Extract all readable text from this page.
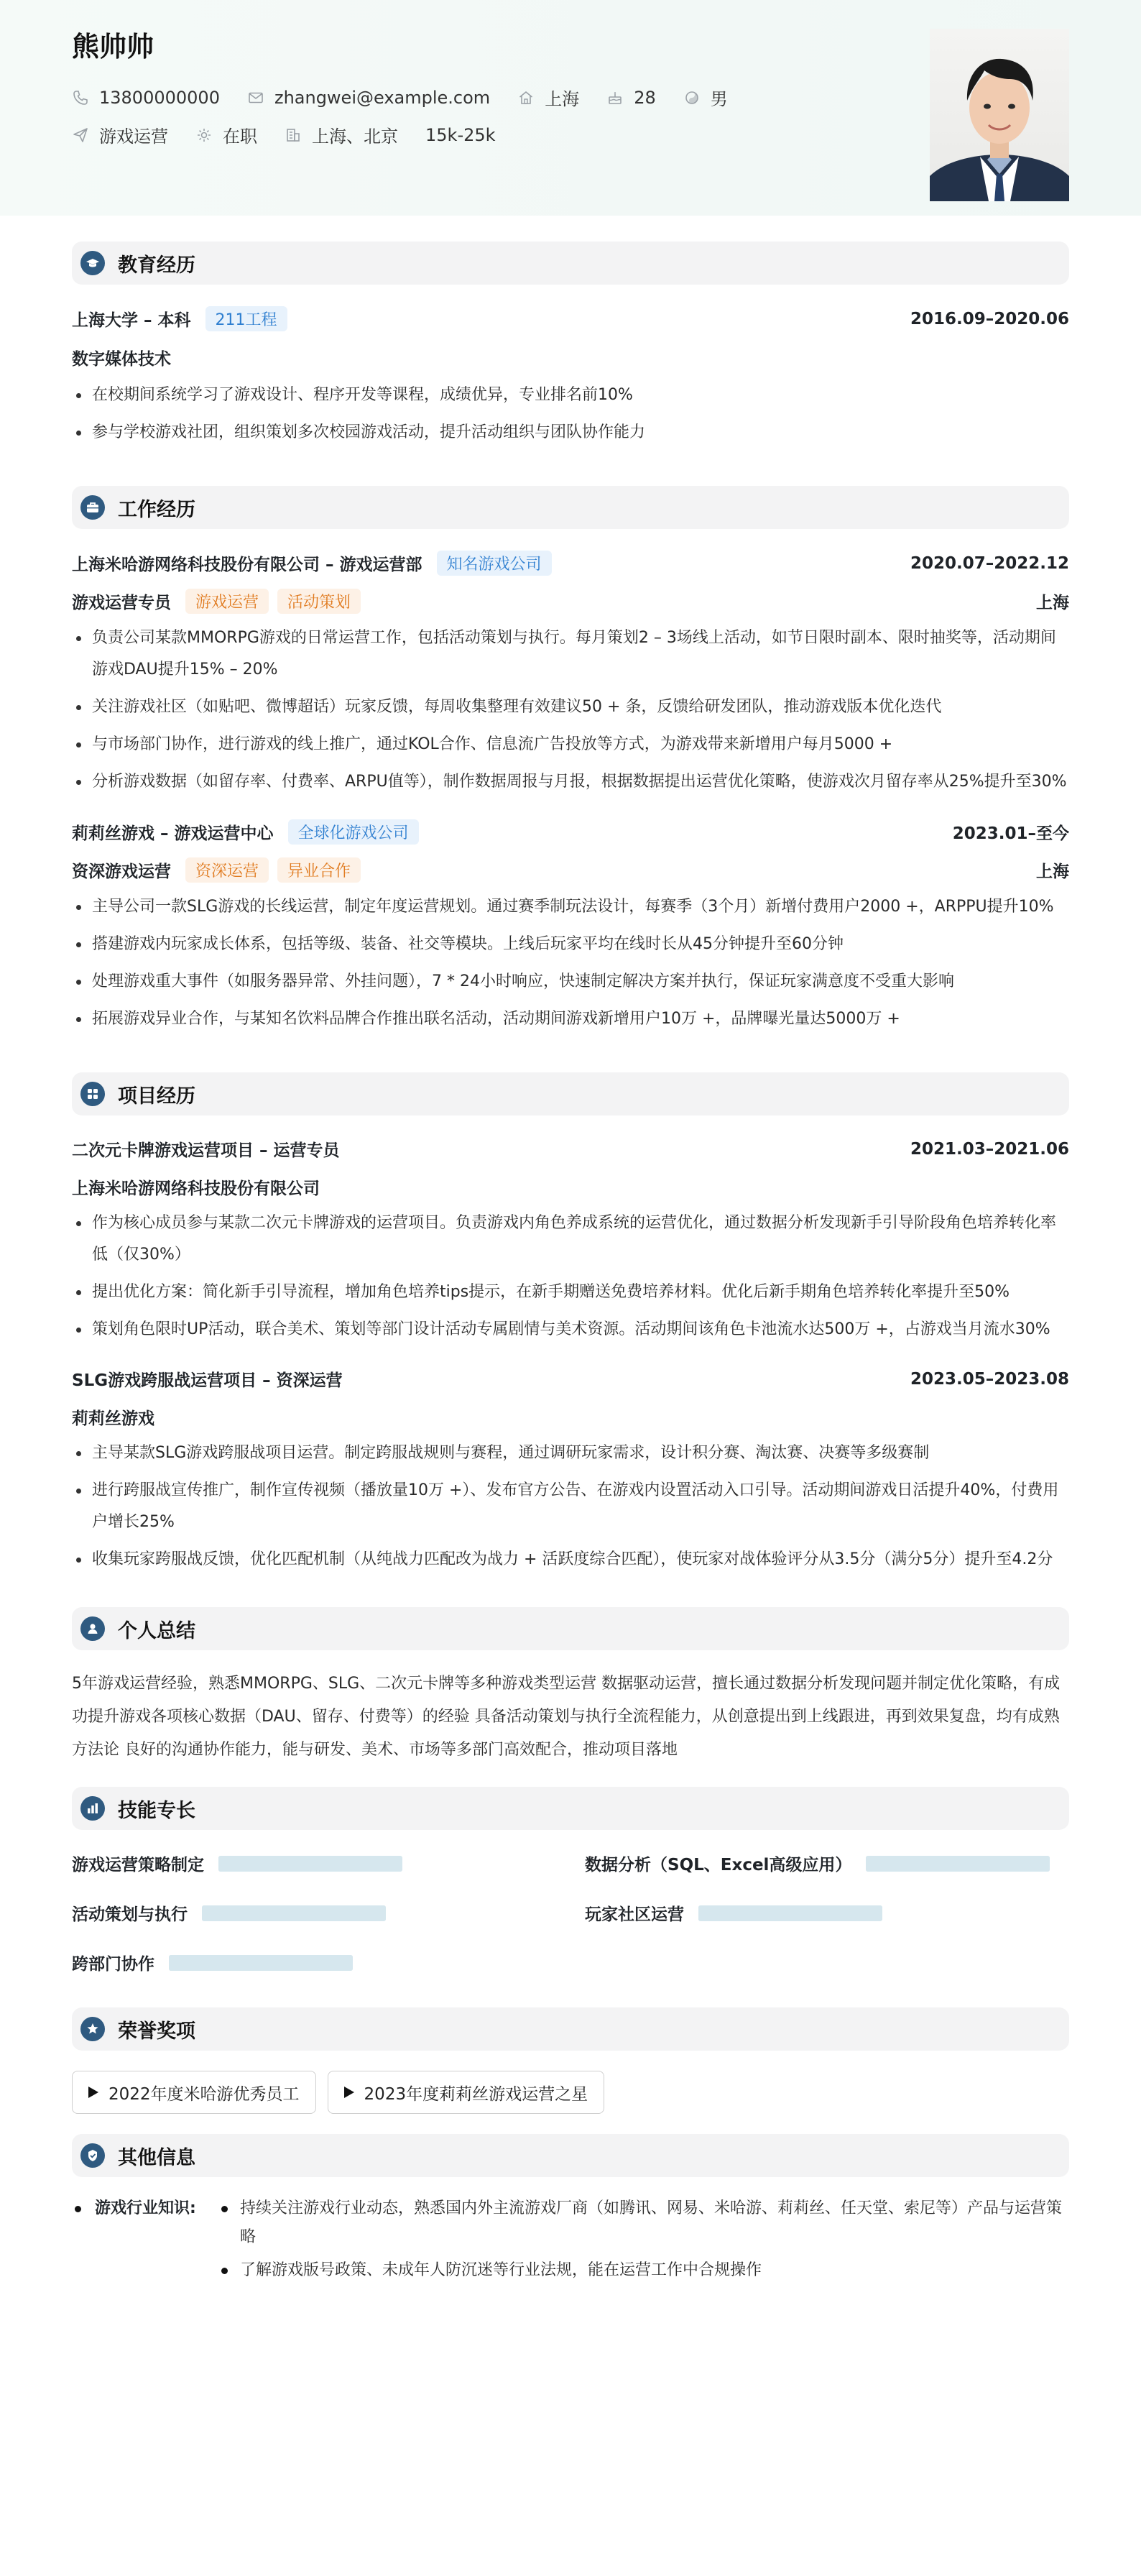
熊帅帅
13800000000	zhangwei@example.com	上海	28	男
游戏运营	在职	上海、北京 15k-25k
教育经历
上海大学 – 本科	211工程	2016.09–2020.06
数字媒体技术
在校期间系统学习了游戏设计、程序开发等课程，成绩优异，专业排名前10%
参与学校游戏社团，组织策划多次校园游戏活动，提升活动组织与团队协作能力
工作经历
上海米哈游网络科技股份有限公司 – 游戏运营部	知名游戏公司	2020.07–2022.12
游戏运营专员	游戏运营	活动策划	上海
负责公司某款MMORPG游戏的日常运营工作，包括活动策划与执行。每月策划2 – 3场线上活动，如节日限时副本、限时抽奖等，活动期间游戏DAU提升15% – 20%
关注游戏社区（如贴吧、微博超话）玩家反馈，每周收集整理有效建议50 + 条，反馈给研发团队，推动游戏版本优化迭代
与市场部门协作，进行游戏的线上推广，通过KOL合作、信息流广告投放等方式，为游戏带来新增用户每月5000 +
分析游戏数据（如留存率、付费率、ARPU值等），制作数据周报与月报，根据数据提出运营优化策略，使游戏次月留存率从25%提升至30%
莉莉丝游戏 – 游戏运营中心	全球化游戏公司	2023.01–至今
资深游戏运营	资深运营	异业合作	上海
主导公司一款SLG游戏的长线运营，制定年度运营规划。通过赛季制玩法设计，每赛季（3个月）新增付费用户2000 +，ARPPU提升10%
搭建游戏内玩家成长体系，包括等级、装备、社交等模块。上线后玩家平均在线时长从45分钟提升至60分钟
处理游戏重大事件（如服务器异常、外挂问题），7 * 24小时响应，快速制定解决方案并执行，保证玩家满意度不受重大影响
拓展游戏异业合作，与某知名饮料品牌合作推出联名活动，活动期间游戏新增用户10万 +，品牌曝光量达5000万 +
项目经历
二次元卡牌游戏运营项目 – 运营专员	2021.03–2021.06
上海米哈游网络科技股份有限公司
作为核心成员参与某款二次元卡牌游戏的运营项目。负责游戏内角色养成系统的运营优化，通过数据分析发现新手引导阶段角色培养转化率低（仅30%）
提出优化方案：简化新手引导流程，增加角色培养tips提示，在新手期赠送免费培养材料。优化后新手期角色培养转化率提升至50%
策划角色限时UP活动，联合美术、策划等部门设计活动专属剧情与美术资源。活动期间该角色卡池流水达500万 +，占游戏当月流水30%
SLG游戏跨服战运营项目 – 资深运营	2023.05–2023.08
莉莉丝游戏
主导某款SLG游戏跨服战项目运营。制定跨服战规则与赛程，通过调研玩家需求，设计积分赛、淘汰赛、决赛等多级赛制
进行跨服战宣传推广，制作宣传视频（播放量10万 +）、发布官方公告、在游戏内设置活动入口引导。活动期间游戏日活提升40%，付费用户增长25%
收集玩家跨服战反馈，优化匹配机制（从纯战力匹配改为战力 + 活跃度综合匹配），使玩家对战体验评分从3.5分（满分5分）提升至4.2分
个人总结
5年游戏运营经验，熟悉MMORPG、SLG、二次元卡牌等多种游戏类型运营 数据驱动运营，擅长通过数据分析发现问题并制定优化策略，有成功提升游戏各项核心数据（DAU、留存、付费等）的经验 具备活动策划与执行全流程能力，从创意提出到上线跟进，再到效果复盘，均有成熟方法论 良好的沟通协作能力，能与研发、美术、市场等多部门高效配合，推动项目落地
技能专长
游戏运营策略制定	数据分析（SQL、Excel高级应用）
活动策划与执行	玩家社区运营
跨部门协作
荣誉奖项
2022年度米哈游优秀员工	2023年度莉莉丝游戏运营之星
其他信息
游戏行业知识:	持续关注游戏行业动态，熟悉国内外主流游戏厂商（如腾讯、网易、米哈游、莉莉丝、任天堂、索尼等）产品与运营策略
了解游戏版号政策、未成年人防沉迷等行业法规，能在运营工作中合规操作
